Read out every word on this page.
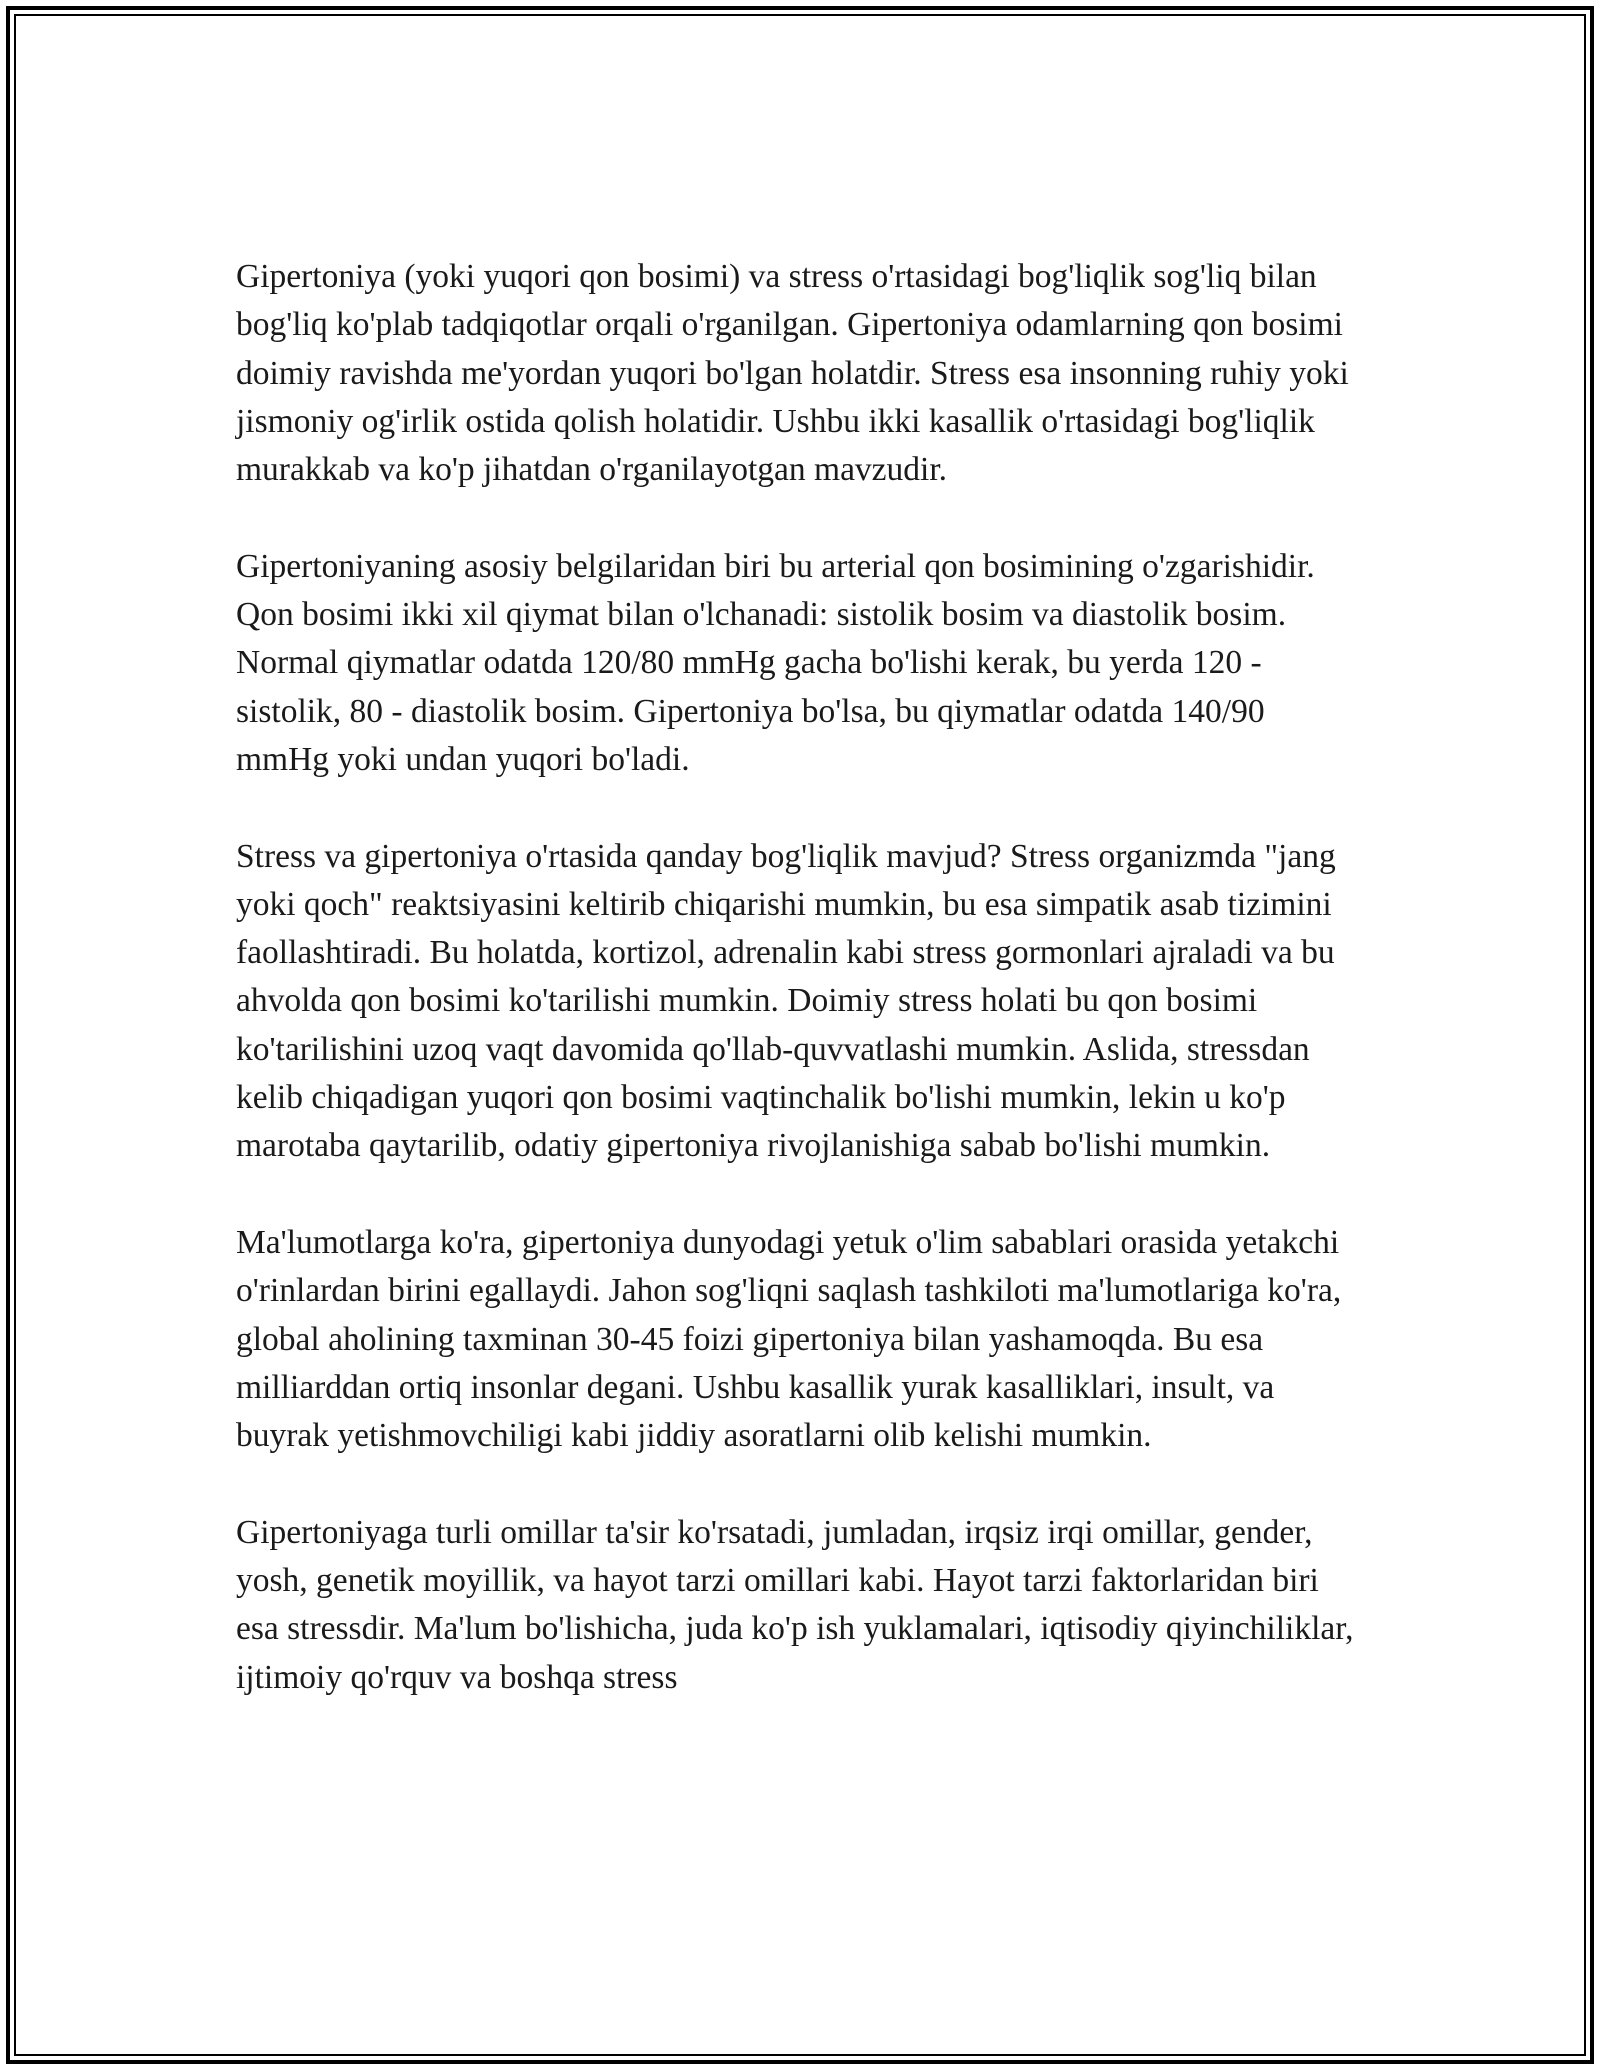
Gipertoniya (yoki yuqori qon bosimi) va stress o'rtasidagi bog'liqlik sog'liq bilan bog'liq ko'plab tadqiqotlar orqali o'rganilgan. Gipertoniya odamlarning qon bosimi doimiy ravishda me'yordan yuqori bo'lgan holatdir. Stress esa insonning ruhiy yoki jismoniy og'irlik ostida qolish holatidir. Ushbu ikki kasallik o'rtasidagi bog'liqlik murakkab va ko'p jihatdan o'rganilayotgan mavzudir.

Gipertoniyaning asosiy belgilaridan biri bu arterial qon bosimining o'zgarishidir. Qon bosimi ikki xil qiymat bilan o'lchanadi: sistolik bosim va diastolik bosim. Normal qiymatlar odatda 120/80 mmHg gacha bo'lishi kerak, bu yerda 120 - sistolik, 80 - diastolik bosim. Gipertoniya bo'lsa, bu qiymatlar odatda 140/90 mmHg yoki undan yuqori bo'ladi.

Stress va gipertoniya o'rtasida qanday bog'liqlik mavjud? Stress organizmda "jang yoki qoch" reaktsiyasini keltirib chiqarishi mumkin, bu esa simpatik asab tizimini faollashtiradi. Bu holatda, kortizol, adrenalin kabi stress gormonlari ajraladi va bu ahvolda qon bosimi ko'tarilishi mumkin. Doimiy stress holati bu qon bosimi ko'tarilishini uzoq vaqt davomida qo'llab-quvvatlashi mumkin. Aslida, stressdan kelib chiqadigan yuqori qon bosimi vaqtinchalik bo'lishi mumkin, lekin u ko'p marotaba qaytarilib, odatiy gipertoniya rivojlanishiga sabab bo'lishi mumkin.

Ma'lumotlarga ko'ra, gipertoniya dunyodagi yetuk o'lim sabablari orasida yetakchi o'rinlardan birini egallaydi. Jahon sog'liqni saqlash tashkiloti ma'lumotlariga ko'ra, global aholining taxminan 30-45 foizi gipertoniya bilan yashamoqda. Bu esa milliarddan ortiq insonlar degani. Ushbu kasallik yurak kasalliklari, insult, va buyrak yetishmovchiligi kabi jiddiy asoratlarni olib kelishi mumkin.

Gipertoniyaga turli omillar ta'sir ko'rsatadi, jumladan, irqsiz irqi omillar, gender, yosh, genetik moyillik, va hayot tarzi omillari kabi. Hayot tarzi faktorlaridan biri esa stressdir. Ma'lum bo'lishicha, juda ko'p ish yuklamalari, iqtisodiy qiyinchiliklar, ijtimoiy qo'rquv va boshqa stress
